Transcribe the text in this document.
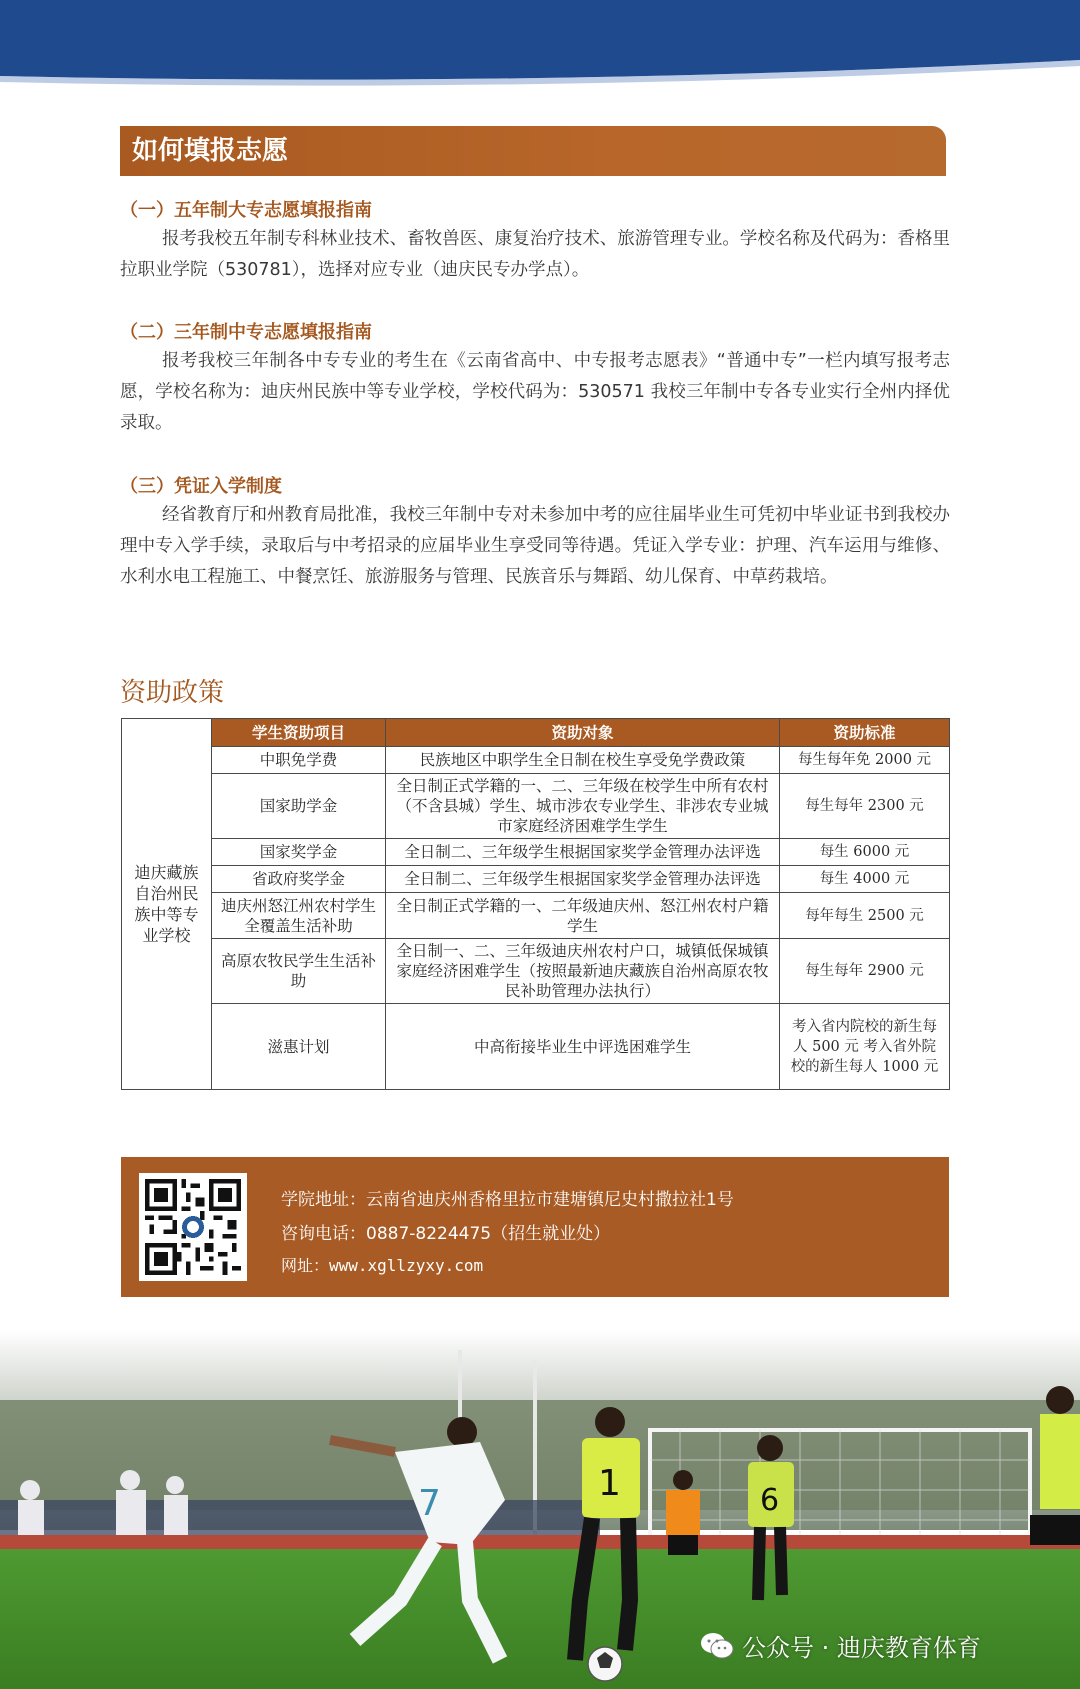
如何填报志愿
（一）五年制大专志愿填报指南
报考我校五年制专科林业技术、畜牧兽医、康复治疗技术、旅游管理专业。学校名称及代码为：香格里拉职业学院（530781），选择对应专业（迪庆民专办学点）。
（二）三年制中专志愿填报指南
报考我校三年制各中专专业的考生在《云南省高中、中专报考志愿表》“普通中专”一栏内填写报考志愿，学校名称为：迪庆州民族中等专业学校，学校代码为：530571 我校三年制中专各专业实行全州内择优录取。
（三）凭证入学制度
经省教育厅和州教育局批准，我校三年制中专对未参加中考的应往届毕业生可凭初中毕业证书到我校办理中专入学手续，录取后与中考招录的应届毕业生享受同等待遇。凭证入学专业：护理、汽车运用与维修、水利水电工程施工、中餐烹饪、旅游服务与管理、民族音乐与舞蹈、幼儿保育、中草药栽培。
资助政策
迪庆藏族自治州民族中等专业学校	学生资助项目	资助对象	资助标准
	中职免学费	民族地区中职学生全日制在校生享受免学费政策	每生每年免 2000 元
	国家助学金	全日制正式学籍的一、二、三年级在校学生中所有农村（不含县城）学生、城市涉农专业学生、非涉农专业城市家庭经济困难学生学生	每生每年 2300 元
	国家奖学金	全日制二、三年级学生根据国家奖学金管理办法评选	每生 6000 元
	省政府奖学金	全日制二、三年级学生根据国家奖学金管理办法评选	每生 4000 元
	迪庆州怒江州农村学生全覆盖生活补助	全日制正式学籍的一、二年级迪庆州、怒江州农村户籍学生	每年每生 2500 元
	高原农牧民学生生活补助	全日制一、二、三年级迪庆州农村户口，城镇低保城镇家庭经济困难学生（按照最新迪庆藏族自治州高原农牧民补助管理办法执行）	每生每年 2900 元
	滋惠计划	中高衔接毕业生中评选困难学生	考入省内院校的新生每人 500 元 考入省外院校的新生每人 1000 元
学院地址：云南省迪庆州香格里拉市建塘镇尼史村撒拉社1号
咨询电话：0887-8224475（招生就业处）
网址：www.xgllzyxy.com
7	1	6
公众号 · 迪庆教育体育
